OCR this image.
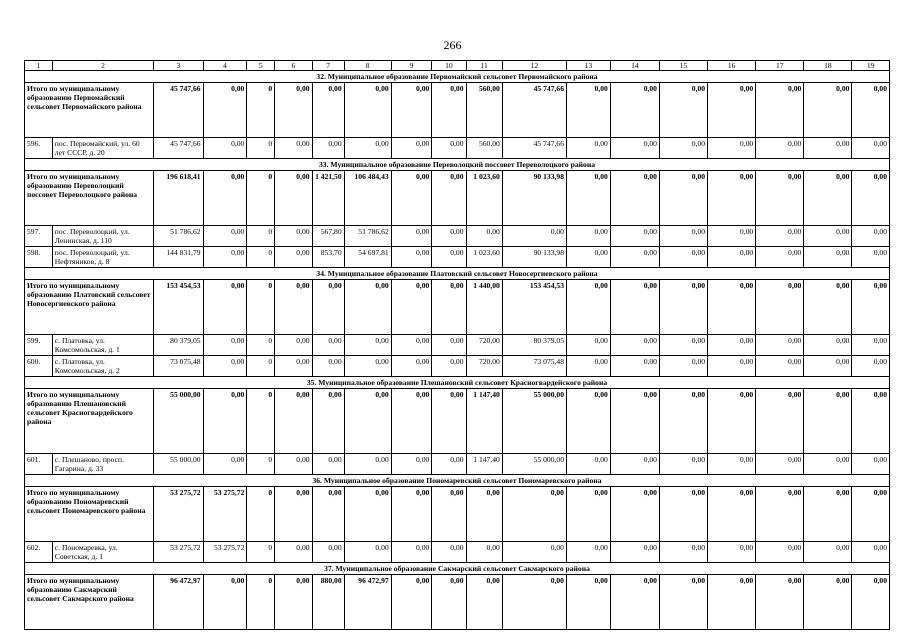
266
1	2	3	4	5	6	7	8	9	10	11	12	13	14	15	16	17	18	19
32. Муниципальное образование Первомайский сельсовет Первомайского района																		
Итого по муниципальному образованию Первомайский сельсовет Первомайского района		45 747,66	0,00	0	0,00	0,00	0,00	0,00	0,00	560,00	45 747,66	0,00	0,00	0,00	0,00	0,00	0,00	0,00
596.	пос. Первомайский, ул. 60 лет СССР, д. 20	45 747,66	0,00	0	0,00	0,00	0,00	0,00	0,00	560,00	45 747,66	0,00	0,00	0,00	0,00	0,00	0,00	0,00
33. Муниципальное образование Переволоцкий поссовет Переволоцкого района																		
Итого по муниципальному образованию Переволоцкий поссовет Переволоцкого района		196 618,41	0,00	0	0,00	1 421,50	106 484,43	0,00	0,00	1 023,60	90 133,98	0,00	0,00	0,00	0,00	0,00	0,00	0,00
597.	пос. Переволоцкий, ул. Ленинская, д. 110	51 786,62	0,00	0	0,00	567,80	51 786,62	0,00	0,00	0,00	0,00	0,00	0,00	0,00	0,00	0,00	0,00	0,00
598.	пос. Переволоцкий, ул. Нефтяников, д. 8	144 831,79	0,00	0	0,00	853,70	54 697,81	0,00	0,00	1 023,60	90 133,98	0,00	0,00	0,00	0,00	0,00	0,00	0,00
34. Муниципальное образование Платовский сельсовет Новосергиевского района																		
Итого по муниципальному образованию Платовский сельсовет Новосергиевского района		153 454,53	0,00	0	0,00	0,00	0,00	0,00	0,00	1 440,00	153 454,53	0,00	0,00	0,00	0,00	0,00	0,00	0,00
599.	с. Платовка, ул. Комсомольская, д. 1	80 379,05	0,00	0	0,00	0,00	0,00	0,00	0,00	720,00	80 379,05	0,00	0,00	0,00	0,00	0,00	0,00	0,00
600.	с. Платовка, ул. Комсомольская, д. 2	73 075,48	0,00	0	0,00	0,00	0,00	0,00	0,00	720,00	73 075,48	0,00	0,00	0,00	0,00	0,00	0,00	0,00
35. Муниципальное образование Плешановский сельсовет Красногвардейского района																		
Итого по муниципальному образованию Плешановский сельсовет Красногвардейского района		55 000,00	0,00	0	0,00	0,00	0,00	0,00	0,00	1 147,40	55 000,00	0,00	0,00	0,00	0,00	0,00	0,00	0,00
601.	с. Плешаново, просп. Гагарина, д. 33	55 000,00	0,00	0	0,00	0,00	0,00	0,00	0,00	1 147,40	55 000,00	0,00	0,00	0,00	0,00	0,00	0,00	0,00
36. Муниципальное образование Пономаревский сельсовет Пономаревского района																		
Итого по муниципальному образованию Пономаревский сельсовет Пономаревского района		53 275,72	53 275,72	0	0,00	0,00	0,00	0,00	0,00	0,00	0,00	0,00	0,00	0,00	0,00	0,00	0,00	0,00
602.	с. Пономаревка, ул. Советская, д. 1	53 275,72	53 275,72	0	0,00	0,00	0,00	0,00	0,00	0,00	0,00	0,00	0,00	0,00	0,00	0,00	0,00	0,00
37. Муниципальное образование Сакмарский сельсовет Сакмарского района																		
Итого по муниципальному образованию Сакмарский сельсовет Сакмарского района		96 472,97	0,00	0	0,00	880,00	96 472,97	0,00	0,00	0,00	0,00	0,00	0,00	0,00	0,00	0,00	0,00	0,00
